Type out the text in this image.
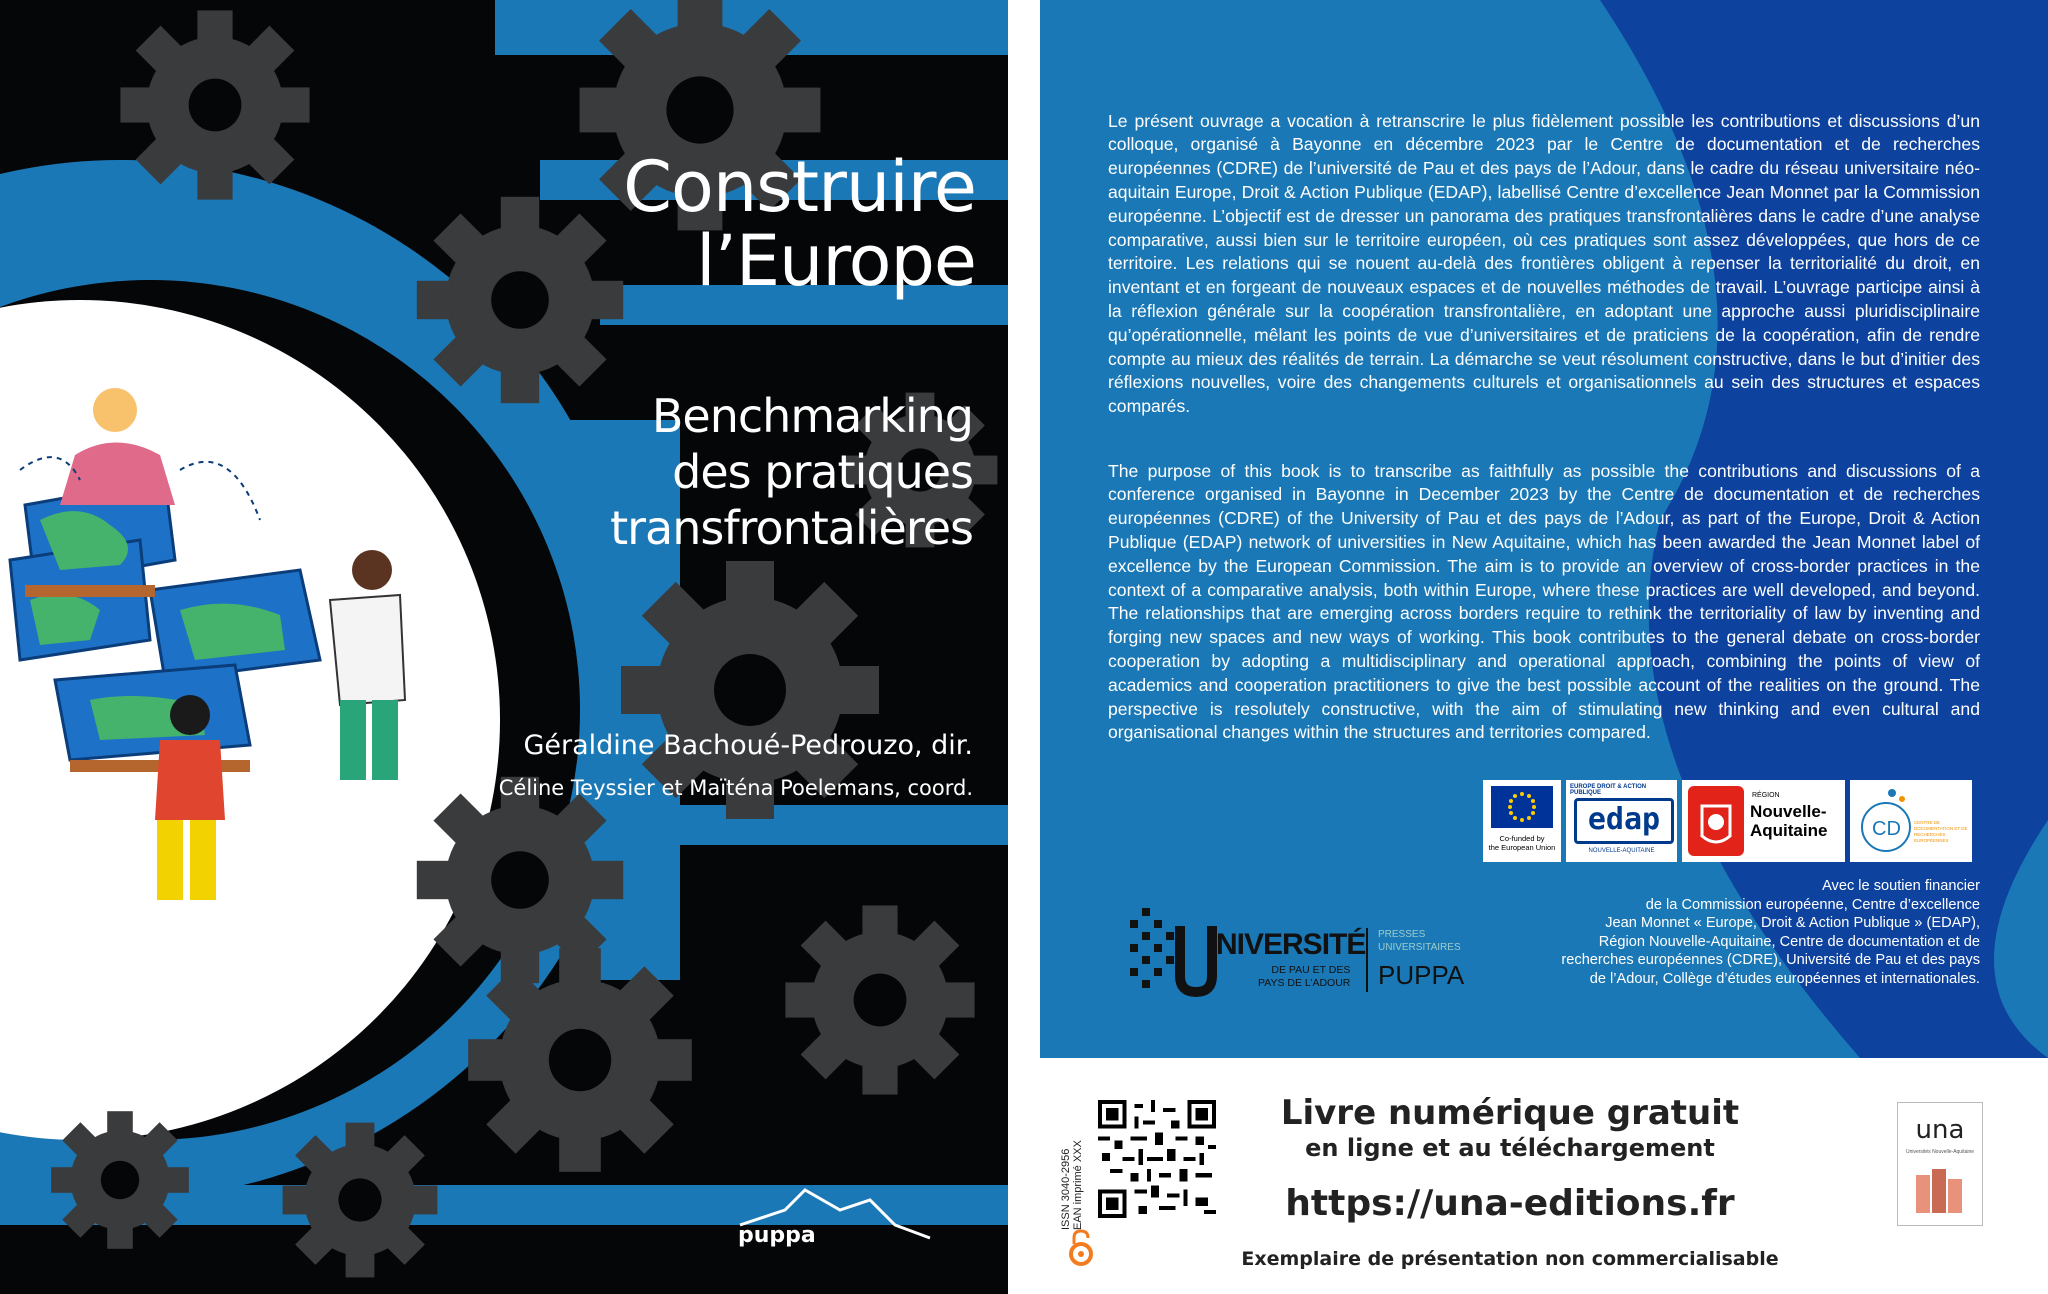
Construire
l’Europe
Benchmarking
des pratiques
transfrontalières
Géraldine Bachoué-Pedrouzo, dir.
Céline Teyssier et Maïténa Poelemans, coord.
puppa

Le présent ouvrage a vocation à retranscrire le plus fidèlement possible les contributions et discussions d’un colloque, organisé à Bayonne en décembre 2023 par le Centre de documentation et de recherches européennes (CDRE) de l’université de Pau et des pays de l’Adour, dans le cadre du réseau universitaire néo-aquitain Europe, Droit & Action Publique (EDAP), labellisé Centre d’excellence Jean Monnet par la Commission européenne. L’objectif est de dresser un panorama des pratiques transfrontalières dans le cadre d’une analyse comparative, aussi bien sur le territoire européen, où ces pratiques sont assez développées, que hors de ce territoire. Les relations qui se nouent au-delà des frontières obligent à repenser la territorialité du droit, en inventant et en forgeant de nouveaux espaces et de nouvelles méthodes de travail. L’ouvrage participe ainsi à la réflexion générale sur la coopération transfrontalière, en adoptant une approche aussi pluridisciplinaire qu’opérationnelle, mêlant les points de vue d’universitaires et de praticiens de la coopération, afin de rendre compte au mieux des réalités de terrain. La démarche se veut résolument constructive, dans le but d’initier des réflexions nouvelles, voire des changements culturels et organisationnels au sein des structures et espaces comparés.

The purpose of this book is to transcribe as faithfully as possible the contributions and discussions of a conference organised in Bayonne in December 2023 by the Centre de documentation et de recherches européennes (CDRE) of the University of Pau et des pays de l’Adour, as part of the Europe, Droit & Action Publique (EDAP) network of universities in New Aquitaine, which has been awarded the Jean Monnet label of excellence by the European Commission. The aim is to provide an overview of cross-border practices in the context of a comparative analysis, both within Europe, where these practices are well developed, and beyond. The relationships that are emerging across borders require to rethink the territoriality of law by inventing and forging new spaces and new ways of working. This book contributes to the general debate on cross-border cooperation by adopting a multidisciplinary and operational approach, combining the points of view of academics and cooperation practitioners to give the best possible account of the realities on the ground. The perspective is resolutely constructive, with the aim of stimulating new thinking and even cultural and organisational changes within the structures and territories compared.

Co-funded by
the European Union
EUROPE DROIT & ACTION PUBLIQUE
edap
NOUVELLE-AQUITAINE
RÉGION
Nouvelle-
Aquitaine CD	CENTRE DE DOCUMENTATION ET DE RECHERCHES EUROPÉENNES
Avec le soutien financier
de la Commission européenne, Centre d’excellence
Jean Monnet « Europe, Droit & Action Publique » (EDAP),
Région Nouvelle-Aquitaine, Centre de documentation et de
recherches européennes (CDRE), Université de Pau et des pays
de l’Adour, Collège d’études européennes et internationales.
NIVERSITÉ
DE PAU ET DES
PAYS DE L’ADOUR
PRESSES
UNIVERSITAIRES
PUPPA
ISSN 3040-2956 EAN imprimé XXX
Livre numérique gratuit
en ligne et au téléchargement
https://una-editions.fr
Exemplaire de présentation non commercialisable
una
Universités Nouvelle-Aquitaine
